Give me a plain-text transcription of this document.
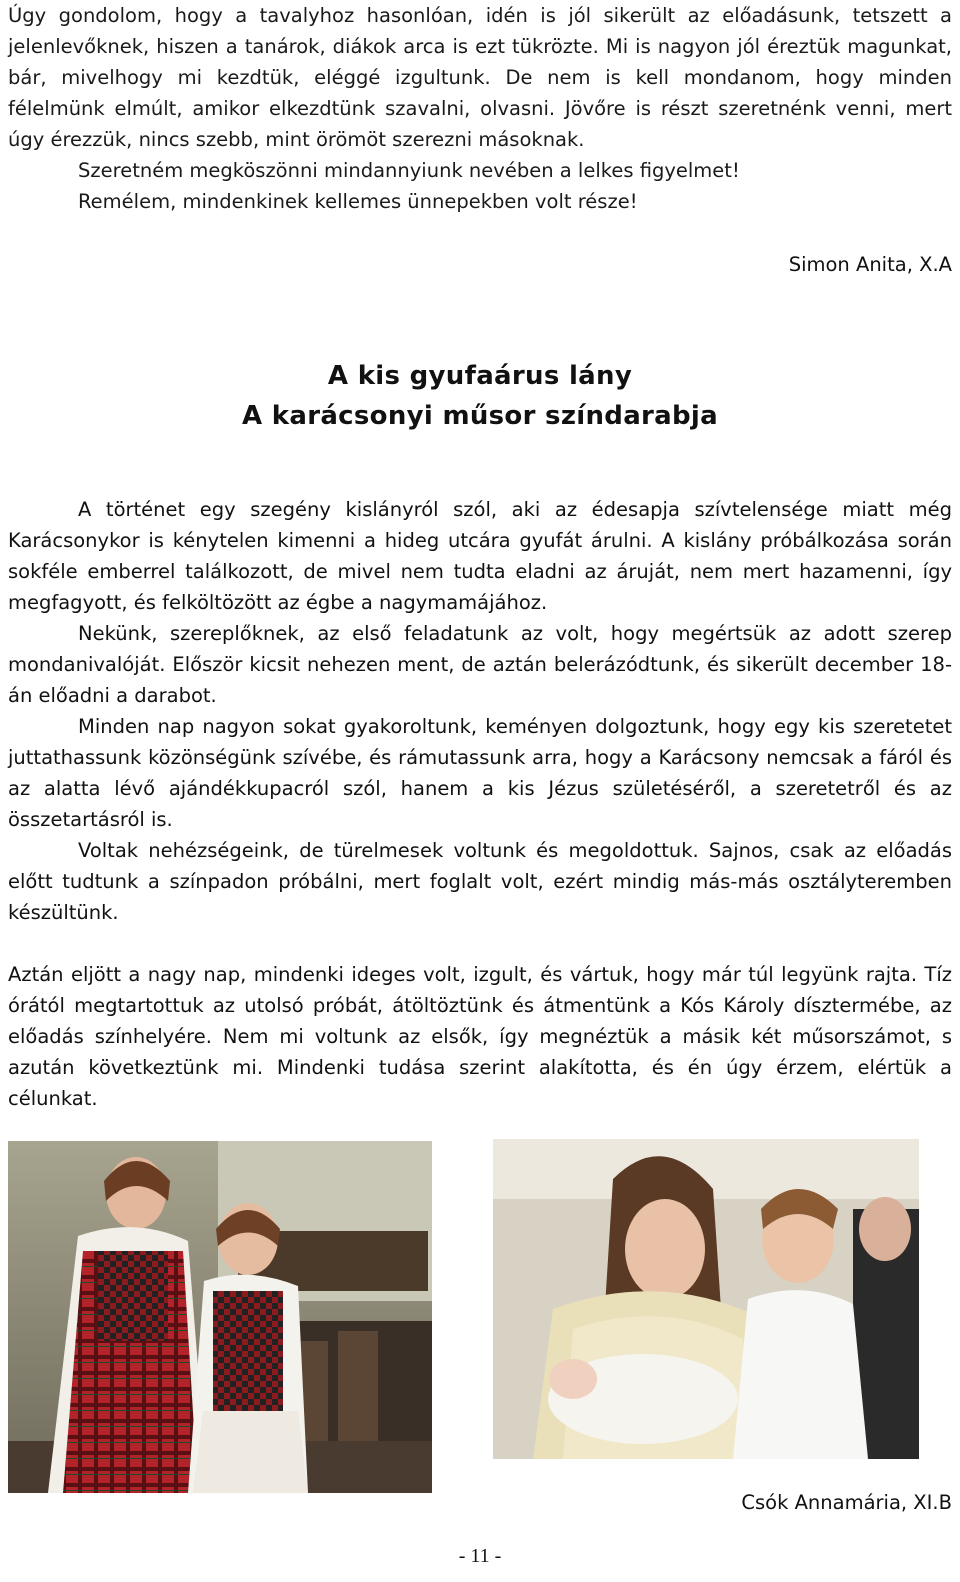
Úgy gondolom, hogy a tavalyhoz hasonlóan, idén is jól sikerült az előadásunk, tetszett a jelenlevőknek, hiszen a tanárok, diákok arca is ezt tükrözte. Mi is nagyon jól éreztük magunkat, bár, mivelhogy mi kezdtük, eléggé izgultunk. De nem is kell mondanom, hogy minden félelmünk elmúlt, amikor elkezdtünk szavalni, olvasni. Jövőre is részt szeretnénk venni, mert úgy érezzük, nincs szebb, mint örömöt szerezni másoknak.

Szeretném megköszönni mindannyiunk nevében a lelkes figyelmet!

Remélem, mindenkinek kellemes ünnepekben volt része!

Simon Anita, X.A
A kis gyufaárus lány
A karácsonyi műsor színdarabja

A történet egy szegény kislányról szól, aki az édesapja szívtelensége miatt még Karácsonykor is kénytelen kimenni a hideg utcára gyufát árulni. A kislány próbálkozása során sokféle emberrel találkozott, de mivel nem tudta eladni az áruját, nem mert hazamenni, így megfagyott, és felköltözött az égbe a nagymamájához.

Nekünk, szereplőknek, az első feladatunk az volt, hogy megértsük az adott szerep mondanivalóját. Először kicsit nehezen ment, de aztán belerázódtunk, és sikerült december 18-án előadni a darabot.

Minden nap nagyon sokat gyakoroltunk, keményen dolgoztunk, hogy egy kis szeretetet juttathassunk közönségünk szívébe, és rámutassunk arra, hogy a Karácsony nemcsak a fáról és az alatta lévő ajándékkupacról szól, hanem a kis Jézus születéséről, a szeretetről és az összetartásról is.

Voltak nehézségeink, de türelmesek voltunk és megoldottuk. Sajnos, csak az előadás előtt tudtunk a színpadon próbálni, mert foglalt volt, ezért mindig más-más osztályteremben készültünk.

Aztán eljött a nagy nap, mindenki ideges volt, izgult, és vártuk, hogy már túl legyünk rajta. Tíz órától megtartottuk az utolsó próbát, átöltöztünk és átmentünk a Kós Károly dísztermébe, az előadás színhelyére. Nem mi voltunk az elsők, így megnéztük a másik két műsorszámot, s azután következtünk mi. Mindenki tudása szerint alakította, és én úgy érzem, elértük a célunkat.

Csók Annamária, XI.B
- 11 -
